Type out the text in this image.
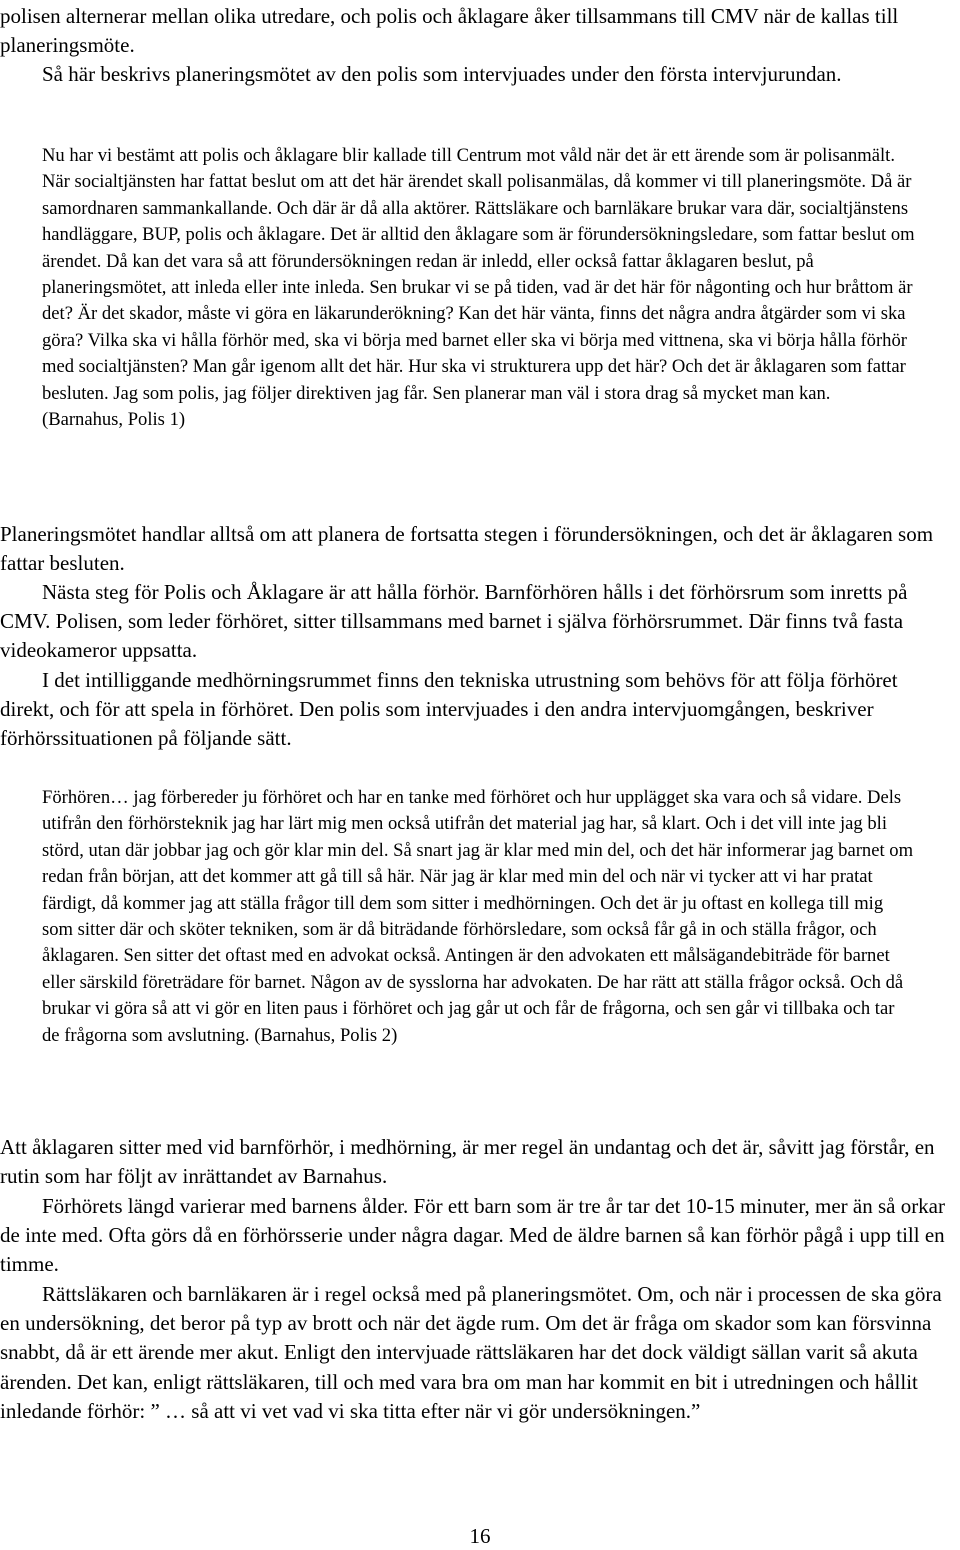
polisen alternerar mellan olika utredare, och polis och åklagare åker tillsammans till CMV när de kallas till planeringsmöte.

Så här beskrivs planeringsmötet av den polis som intervjuades under den första intervjurundan.

Nu har vi bestämt att polis och åklagare blir kallade till Centrum mot våld när det är ett ärende som är polisanmält. När socialtjänsten har fattat beslut om att det här ärendet skall polisanmälas, då kommer vi till planeringsmöte. Då är samordnaren sammankallande. Och där är då alla aktörer. Rättsläkare och barnläkare brukar vara där, socialtjänstens handläggare, BUP, polis och åklagare. Det är alltid den åklagare som är förundersökningsledare, som fattar beslut om ärendet. Då kan det vara så att förundersökningen redan är inledd, eller också fattar åklagaren beslut, på planeringsmötet, att inleda eller inte inleda. Sen brukar vi se på tiden, vad är det här för någonting och hur bråttom är det? Är det skador, måste vi göra en läkarunderökning? Kan det här vänta, finns det några andra åtgärder som vi ska göra? Vilka ska vi hålla förhör med, ska vi börja med barnet eller ska vi börja med vittnena, ska vi börja hålla förhör med socialtjänsten? Man går igenom allt det här. Hur ska vi strukturera upp det här? Och det är åklagaren som fattar besluten. Jag som polis, jag följer direktiven jag får. Sen planerar man väl i stora drag så mycket man kan. (Barnahus, Polis 1)

Planeringsmötet handlar alltså om att planera de fortsatta stegen i förundersökningen, och det är åklagaren som fattar besluten.

Nästa steg för Polis och Åklagare är att hålla förhör. Barnförhören hålls i det förhörsrum som inretts på CMV. Polisen, som leder förhöret, sitter tillsammans med barnet i själva förhörsrummet. Där finns två fasta videokameror uppsatta.

I det intilliggande medhörningsrummet finns den tekniska utrustning som behövs för att följa förhöret direkt, och för att spela in förhöret. Den polis som intervjuades i den andra intervjuomgången, beskriver förhörssituationen på följande sätt.

Förhören… jag förbereder ju förhöret och har en tanke med förhöret och hur upplägget ska vara och så vidare. Dels utifrån den förhörsteknik jag har lärt mig men också utifrån det material jag har, så klart. Och i det vill inte jag bli störd, utan där jobbar jag och gör klar min del. Så snart jag är klar med min del, och det här informerar jag barnet om redan från början, att det kommer att gå till så här. När jag är klar med min del och när vi tycker att vi har pratat färdigt, då kommer jag att ställa frågor till dem som sitter i medhörningen. Och det är ju oftast en kollega till mig som sitter där och sköter tekniken, som är då biträdande förhörsledare, som också får gå in och ställa frågor, och åklagaren. Sen sitter det oftast med en advokat också. Antingen är den advokaten ett målsägandebiträde för barnet eller särskild företrädare för barnet. Någon av de sysslorna har advokaten. De har rätt att ställa frågor också. Och då brukar vi göra så att vi gör en liten paus i förhöret och jag går ut och får de frågorna, och sen går vi tillbaka och tar de frågorna som avslutning. (Barnahus, Polis 2)

Att åklagaren sitter med vid barnförhör, i medhörning, är mer regel än undantag och det är, såvitt jag förstår, en rutin som har följt av inrättandet av Barnahus.

Förhörets längd varierar med barnens ålder. För ett barn som är tre år tar det 10-15 minuter, mer än så orkar de inte med. Ofta görs då en förhörsserie under några dagar. Med de äldre barnen så kan förhör pågå i upp till en timme.

Rättsläkaren och barnläkaren är i regel också med på planeringsmötet. Om, och när i processen de ska göra en undersökning, det beror på typ av brott och när det ägde rum. Om det är fråga om skador som kan försvinna snabbt, då är ett ärende mer akut. Enligt den intervjuade rättsläkaren har det dock väldigt sällan varit så akuta ärenden. Det kan, enligt rättsläkaren, till och med vara bra om man har kommit en bit i utredningen och hållit inledande förhör: ” … så att vi vet vad vi ska titta efter när vi gör undersökningen.”

16
